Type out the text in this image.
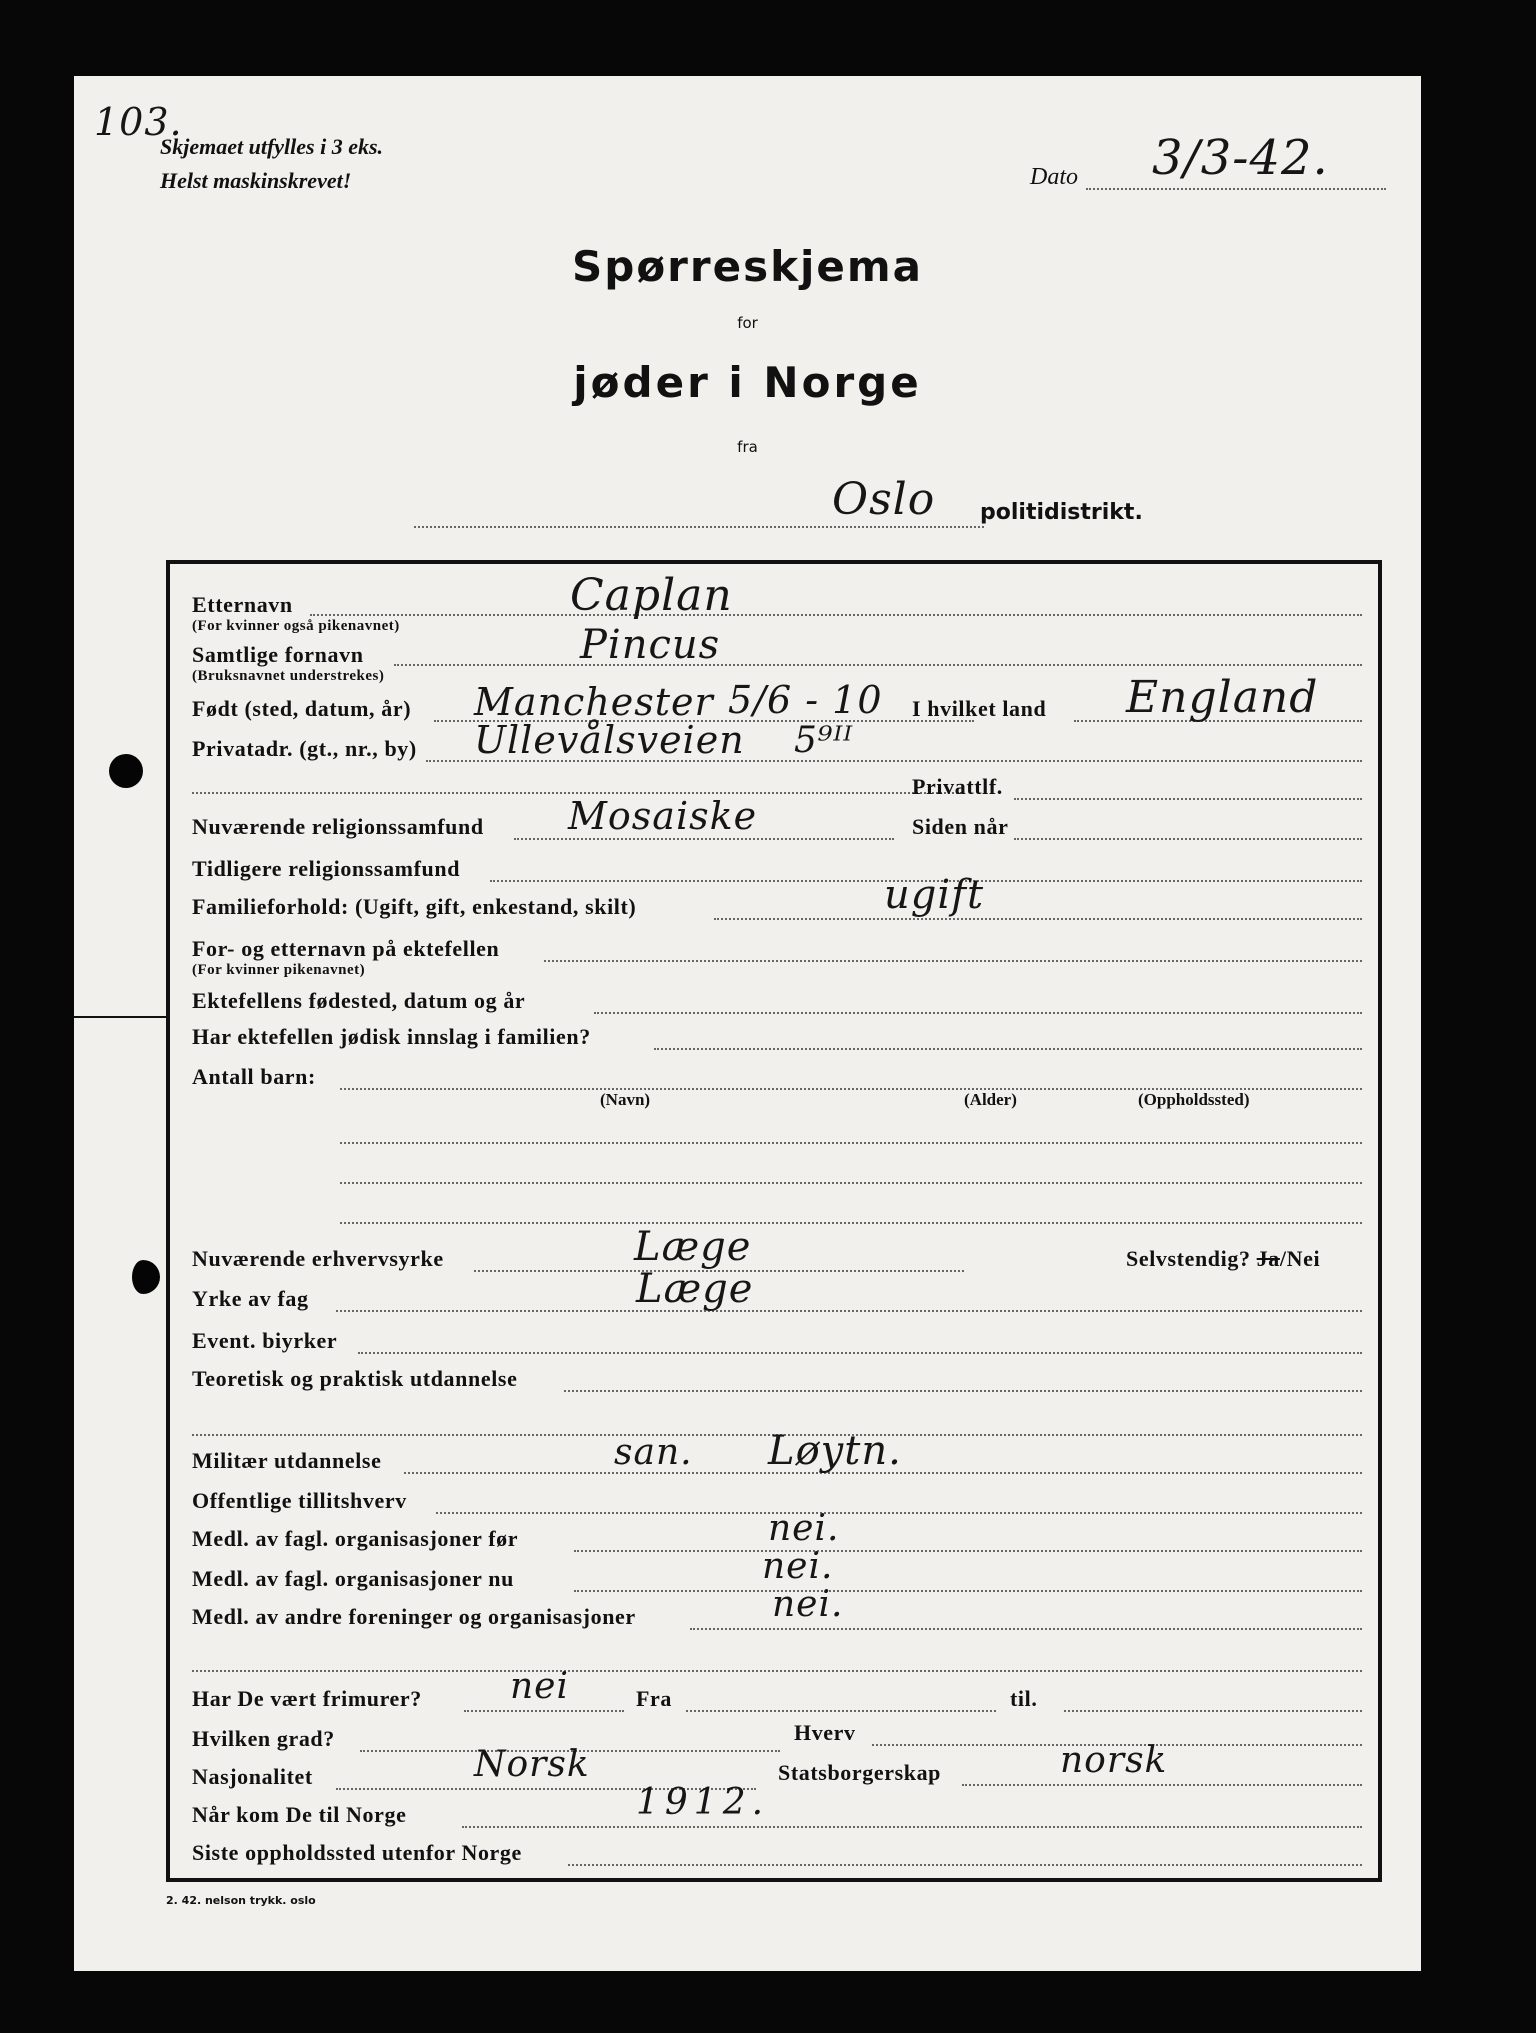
103.
Skjemaet utfylles i 3 eks.
Helst maskinskrevet!	Dato 3/3-42.
Spørreskjema
for
jøder i Norge
fra
Oslo politidistrikt.
Etternavn
(For kvinner også pikenavnet)
Caplan
Samtlige fornavn
(Bruksnavnet understrekes)
Pincus
Født (sted, datum, år) Manchester 5/6 - 10 I hvilket land England
Privatadr. (gt., nr., by) Ullevålsveien 5⁹ᴵᴵ
Privattlf.
Nuværende religionssamfund Mosaiske	Siden når
Tidligere religionssamfund
Familieforhold: (Ugift, gift, enkestand, skilt)	ugift
For- og etternavn på ektefellen
(For kvinner pikenavnet)
Ektefellens fødested, datum og år
Har ektefellen jødisk innslag i familien?
Antall barn:
(Navn)	(Alder)	(Oppholdssted)
Nuværende erhvervsyrke	Læge	Selvstendig? Ja/Nei
Yrke av fag	Læge
Event. biyrker
Teoretisk og praktisk utdannelse
Militær utdannelse	san. Løytn.
Offentlige tillitshverv
Medl. av fagl. organisasjoner før	nei.
Medl. av fagl. organisasjoner nu	nei.
Medl. av andre foreninger og organisasjoner	nei.
Har De vært frimurer? nei	Fra	til.
Hvilken grad?	Hverv
Nasjonalitet	Norsk	Statsborgerskap	norsk
Når kom De til Norge	1912.
Siste oppholdssted utenfor Norge
2. 42. nelson trykk. oslo
